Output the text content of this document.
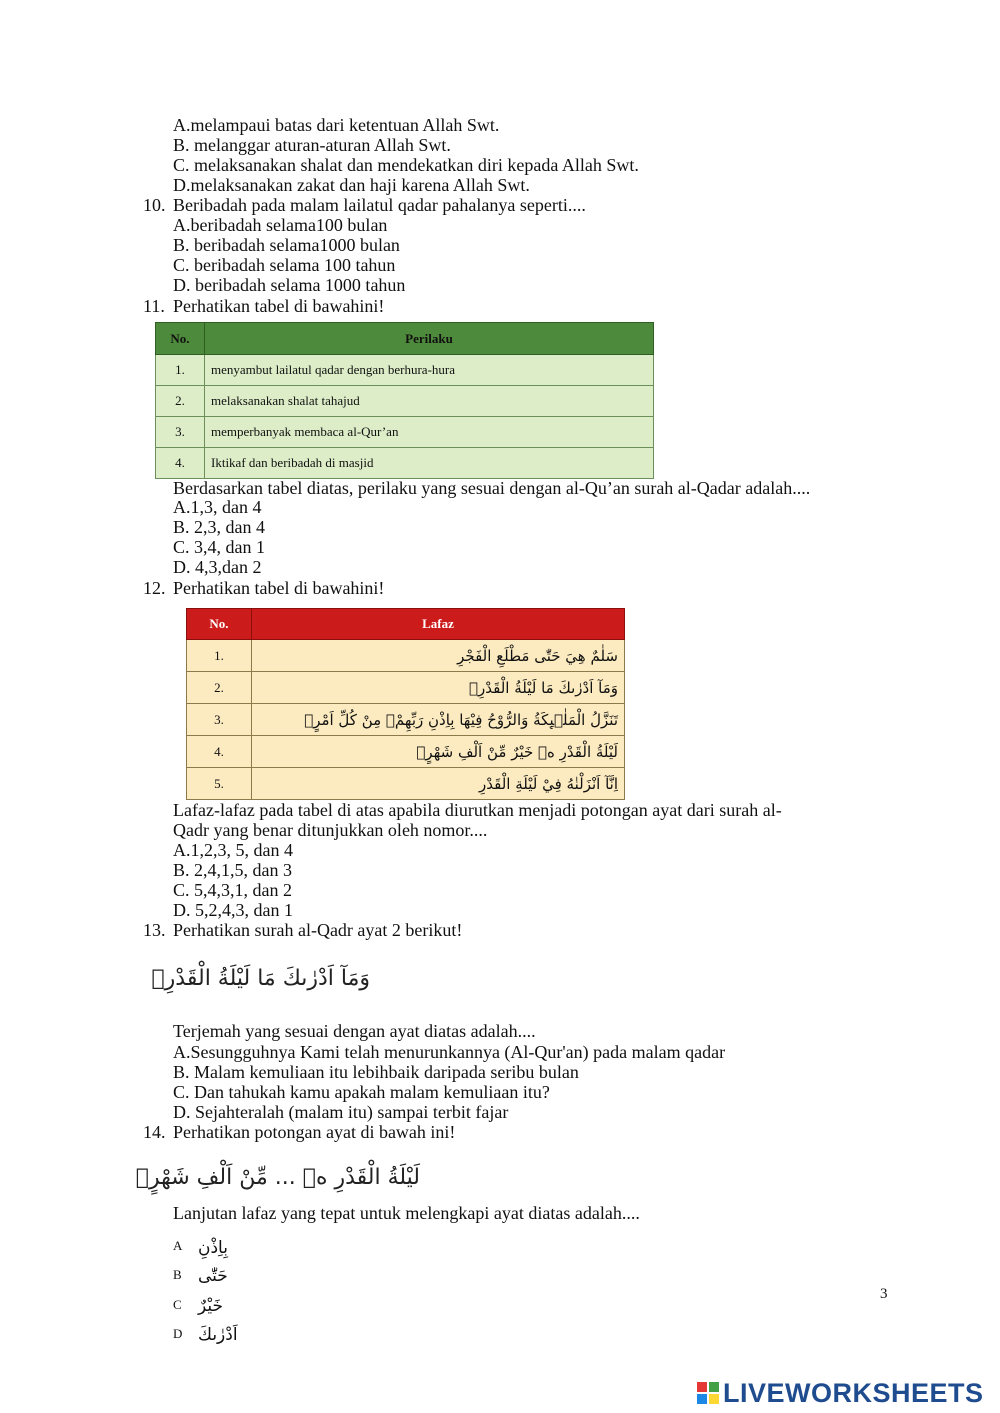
A.melampaui batas dari ketentuan Allah Swt.
B. melanggar aturan-aturan Allah Swt.
C. melaksanakan shalat dan mendekatkan diri kepada Allah Swt.
D.melaksanakan zakat dan haji karena Allah Swt.
10. Beribadah pada malam lailatul qadar pahalanya seperti....
A.beribadah selama100 bulan
B. beribadah selama1000 bulan
C. beribadah selama 100 tahun
D. beribadah selama 1000 tahun
11. Perhatikan tabel di bawahini!
No.	Perilaku
1.	menyambut lailatul qadar dengan berhura-hura
2.	melaksanakan shalat tahajud
3.	memperbanyak membaca al-Qur’an
4.	Iktikaf dan beribadah di masjid
Berdasarkan tabel diatas, perilaku yang sesuai dengan al-Qu’an surah al-Qadar adalah....
A.1,3, dan 4
B. 2,3, dan 4
C. 3,4, dan 1
D. 4,3,dan 2
12. Perhatikan tabel di bawahini!
No.	Lafaz
1.	سَلٰمٌ هِيَ حَتّٰى مَطْلَعِ الْفَجْرِ
2.	وَمَآ اَدْرٰىكَ مَا لَيْلَةُ الْقَدْرِۗ
3.	تَنَزَّلُ الْمَلٰۤىِٕكَةُ وَالرُّوْحُ فِيْهَا بِاِذْنِ رَبِّهِمْۚ مِنْ كُلِّ اَمْرٍۛ
4.	لَيْلَةُ الْقَدْرِ ەۙ خَيْرٌ مِّنْ اَلْفِ شَهْرٍۗ
5.	اِنَّآ اَنْزَلْنٰهُ فِيْ لَيْلَةِ الْقَدْرِ
Lafaz-lafaz pada tabel di atas apabila diurutkan menjadi potongan ayat dari surah al-
Qadr yang benar ditunjukkan oleh nomor....
A.1,2,3, 5, dan 4
B. 2,4,1,5, dan 3
C. 5,4,3,1, dan 2
D. 5,2,4,3, dan 1
13. Perhatikan surah al-Qadr ayat 2 berikut!
وَمَآ اَدْرٰىكَ مَا لَيْلَةُ الْقَدْرِۗ
Terjemah yang sesuai dengan ayat diatas adalah....
A.Sesungguhnya Kami telah menurunkannya (Al-Qur'an) pada malam qadar
B. Malam kemuliaan itu lebihbaik daripada seribu bulan
C. Dan tahukah kamu apakah malam kemuliaan itu?
D. Sejahteralah (malam itu) sampai terbit fajar
14. Perhatikan potongan ayat di bawah ini!
لَيْلَةُ الْقَدْرِ ەۙ ... مِّنْ اَلْفِ شَهْرٍۗ
Lanjutan lafaz yang tepat untuk melengkapi ayat diatas adalah....
A بِاِذْنِ
B حَتّٰى
C خَيْرٌ
D اَدْرٰىكَ
3
LIVEWORKSHEETS
